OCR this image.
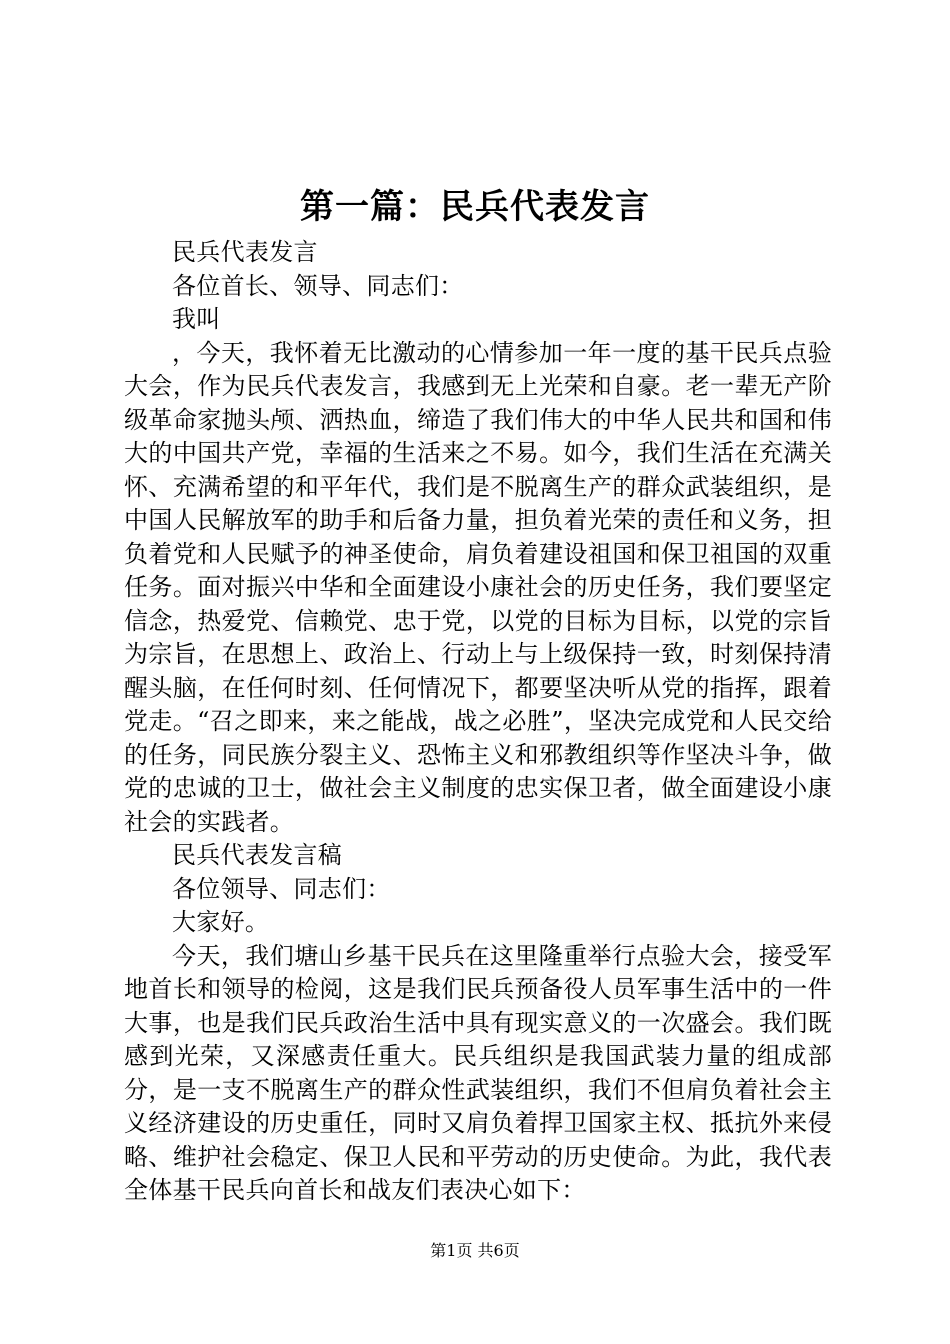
第一篇：民兵代表发言

民兵代表发言

各位首长、领导、同志们：

我叫

，今天，我怀着无比激动的心情参加一年一度的基干民兵点验大会，作为民兵代表发言，我感到无上光荣和自豪。老一辈无产阶级革命家抛头颅、洒热血，缔造了我们伟大的中华人民共和国和伟大的中国共产党，幸福的生活来之不易。如今，我们生活在充满关怀、充满希望的和平年代，我们是不脱离生产的群众武装组织，是中国人民解放军的助手和后备力量，担负着光荣的责任和义务，担负着党和人民赋予的神圣使命，肩负着建设祖国和保卫祖国的双重任务。面对振兴中华和全面建设小康社会的历史任务，我们要坚定信念，热爱党、信赖党、忠于党，以党的目标为目标，以党的宗旨为宗旨，在思想上、政治上、行动上与上级保持一致，时刻保持清醒头脑，在任何时刻、任何情况下，都要坚决听从党的指挥，跟着党走。“召之即来，来之能战，战之必胜”，坚决完成党和人民交给的任务，同民族分裂主义、恐怖主义和邪教组织等作坚决斗争，做党的忠诚的卫士，做社会主义制度的忠实保卫者，做全面建设小康社会的实践者。

民兵代表发言稿

各位领导、同志们：

大家好。

今天，我们塘山乡基干民兵在这里隆重举行点验大会，接受军地首长和领导的检阅，这是我们民兵预备役人员军事生活中的一件大事，也是我们民兵政治生活中具有现实意义的一次盛会。我们既感到光荣，又深感责任重大。民兵组织是我国武装力量的组成部分，是一支不脱离生产的群众性武装组织，我们不但肩负着社会主义经济建设的历史重任，同时又肩负着捍卫国家主权、抵抗外来侵略、维护社会稳定、保卫人民和平劳动的历史使命。为此，我代表全体基干民兵向首长和战友们表决心如下：

第1页 共6页
